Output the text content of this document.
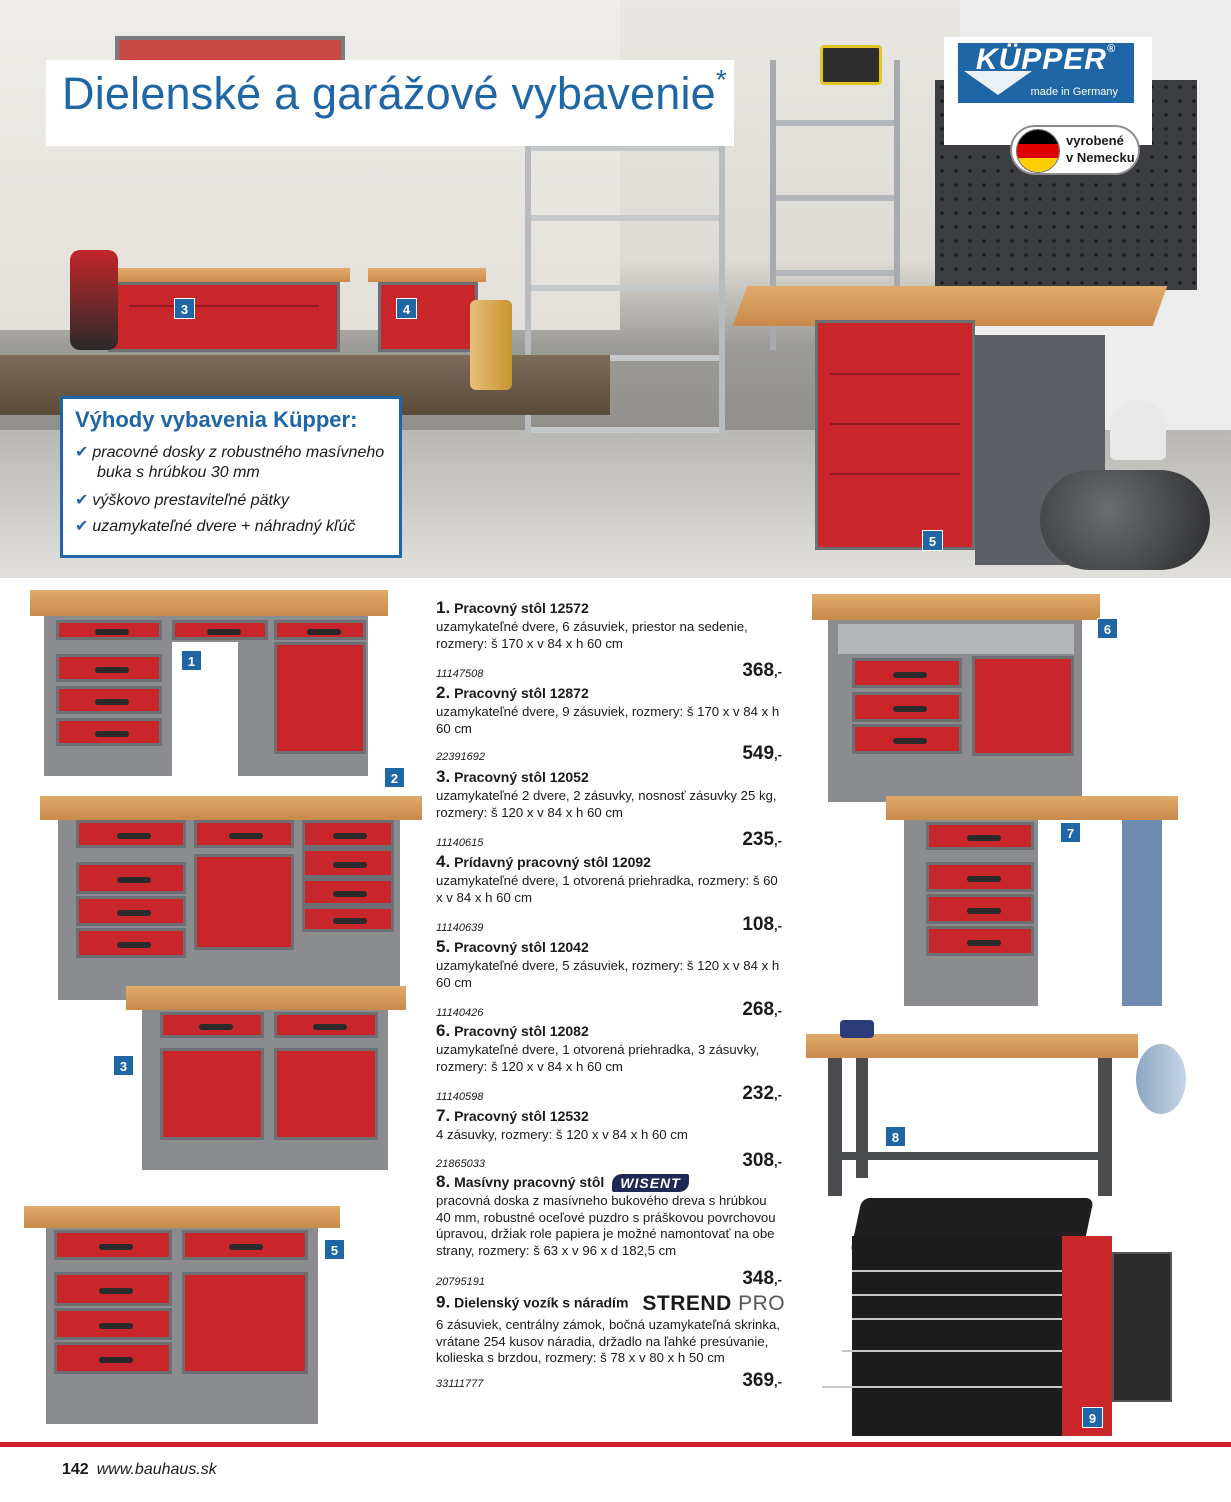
Dielenské a garážové vybavenie*
KÜPPER®
made in Germany
vyrobené
v Nemecku
3	4
5
Výhody vybavenia Küpper:
✔ pracovné dosky z robustného masívneho
buka s hrúbkou 30 mm
✔ výškovo prestaviteľné pätky
✔ uzamykateľné dvere + náhradný kľúč
1
2
3
5
6
7
8
9
1. Pracovný stôl 12572
uzamykateľné dvere, 6 zásuviek, priestor na sedenie, rozmery: š 170 x v 84 x h 60 cm
11147508	368,-
2. Pracovný stôl 12872
uzamykateľné dvere, 9 zásuviek, rozmery: š 170 x v 84 x h 60 cm
22391692	549,-
3. Pracovný stôl 12052
uzamykateľné 2 dvere, 2 zásuvky, nosnosť zásuvky 25 kg, rozmery: š 120 x v 84 x h 60 cm
11140615	235,-
4. Prídavný pracovný stôl 12092
uzamykateľné dvere, 1 otvorená priehradka, rozmery: š 60 x v 84 x h 60 cm
11140639	108,-
5. Pracovný stôl 12042
uzamykateľné dvere, 5 zásuviek, rozmery: š 120 x v 84 x h 60 cm
11140426	268,-
6. Pracovný stôl 12082
uzamykateľné dvere, 1 otvorená priehradka, 3 zásuvky, rozmery: š 120 x v 84 x h 60 cm
11140598	232,-
7. Pracovný stôl 12532
4 zásuvky, rozmery: š 120 x v 84 x h 60 cm
21865033	308,-
8. Masívny pracovný stôl WISENT
pracovná doska z masívneho bukového dreva s hrúbkou 40 mm, robustné oceľové puzdro s práškovou povrchovou úpravou, držiak role papiera je možné namontovať na obe strany, rozmery: š 63 x v 96 x d 182,5 cm
20795191	348,-
9. Dielenský vozík s náradím STREND PRO
6 zásuviek, centrálny zámok, bočná uzamykateľná skrinka, vrátane 254 kusov náradia, držadlo na ľahké presúvanie, kolieska s brzdou, rozmery: š 78 x v 80 x h 50 cm
33111777	369,-
142 www.bauhaus.sk
